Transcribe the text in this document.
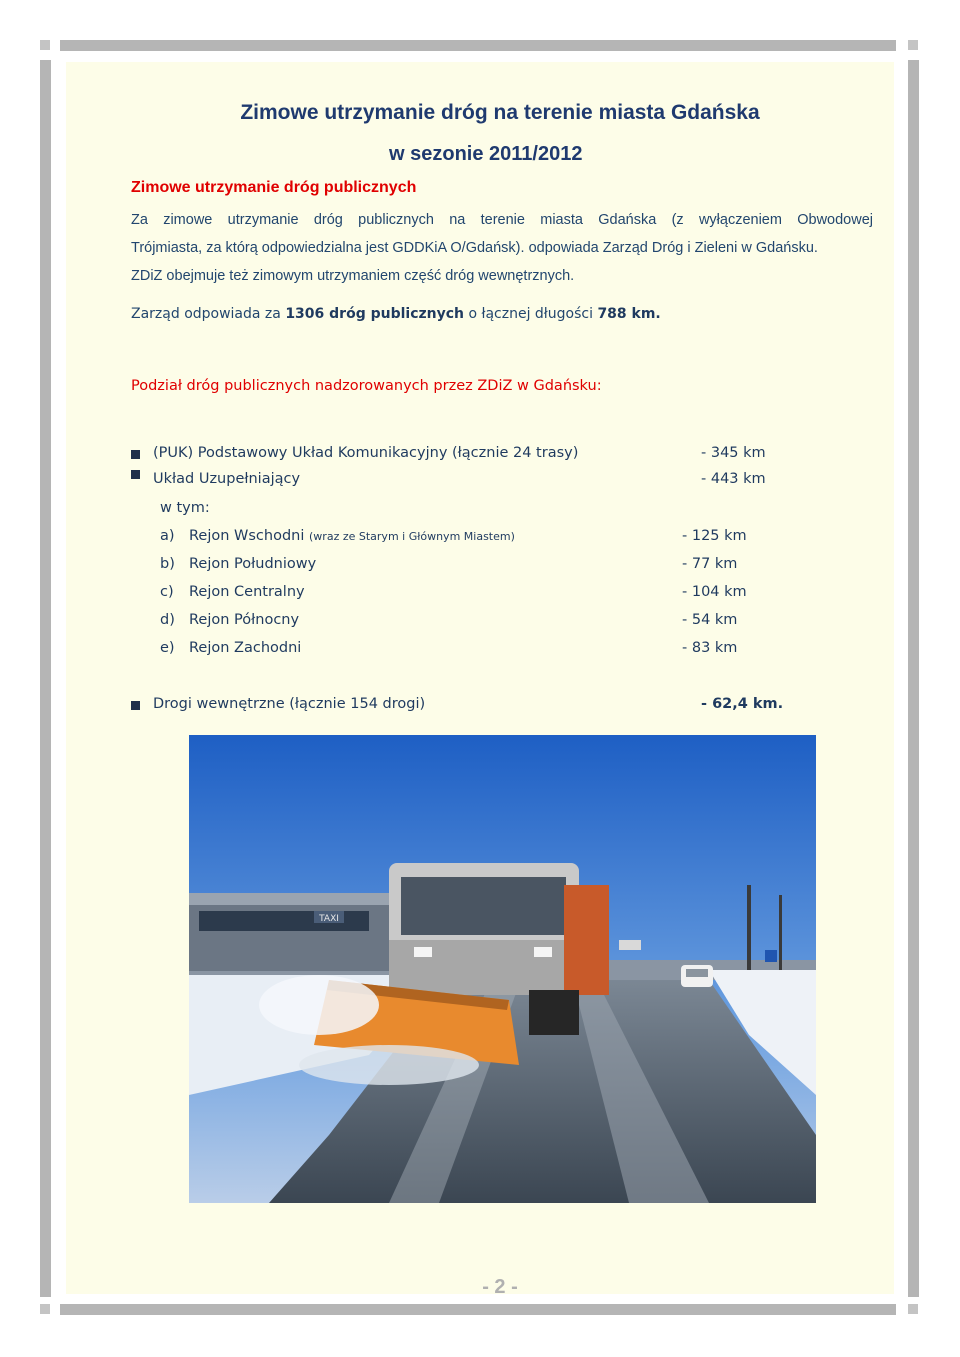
Zimowe utrzymanie dróg na terenie miasta Gdańska
w sezonie 2011/2012
Zimowe utrzymanie dróg publicznych
Za zimowe utrzymanie dróg publicznych na terenie miasta Gdańska (z wyłączeniem Obwodowej
Trójmiasta, za którą odpowiedzialna jest GDDKiA O/Gdańsk). odpowiada Zarząd Dróg i Zieleni w Gdańsku.
ZDiZ obejmuje też zimowym utrzymaniem część dróg wewnętrznych.
Zarząd odpowiada za 1306 dróg publicznych o łącznej długości 788 km.
Podział dróg publicznych nadzorowanych przez ZDiZ w Gdańsku:
(PUK) Podstawowy Układ Komunikacyjny (łącznie 24 trasy)	- 345 km
Układ Uzupełniający	- 443 km
w tym:
a) Rejon Wschodni (wraz ze Starym i Głównym Miastem)	- 125 km
b) Rejon Południowy	- 77 km
c) Rejon Centralny	- 104 km
d) Rejon Północny	- 54 km
e) Rejon Zachodni	- 83 km
Drogi wewnętrzne (łącznie 154 drogi)	- 62,4 km.
TAXI
- 2 -
